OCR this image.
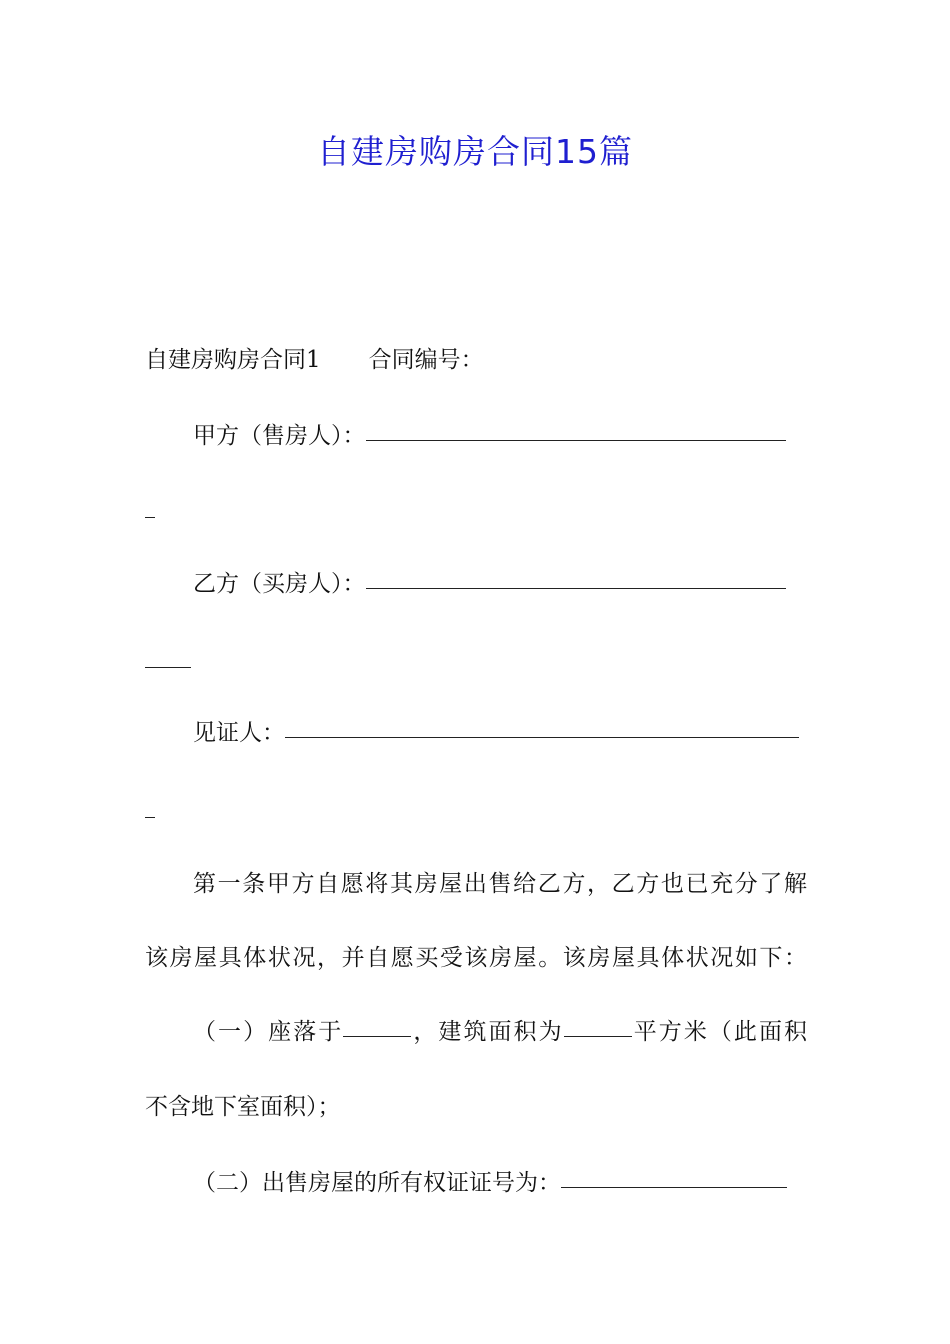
自建房购房合同15篇
自建房购房合同1 合同编号：
甲方（售房人）：
乙方（买房人）：
见证人：
第一条甲方自愿将其房屋出售给乙方，乙方也已充分了解
该房屋具体状况，并自愿买受该房屋。该房屋具体状况如下：
（一）座落于	，建筑面积为	平方米（此面积
不含地下室面积）；
（二）出售房屋的所有权证证号为：
